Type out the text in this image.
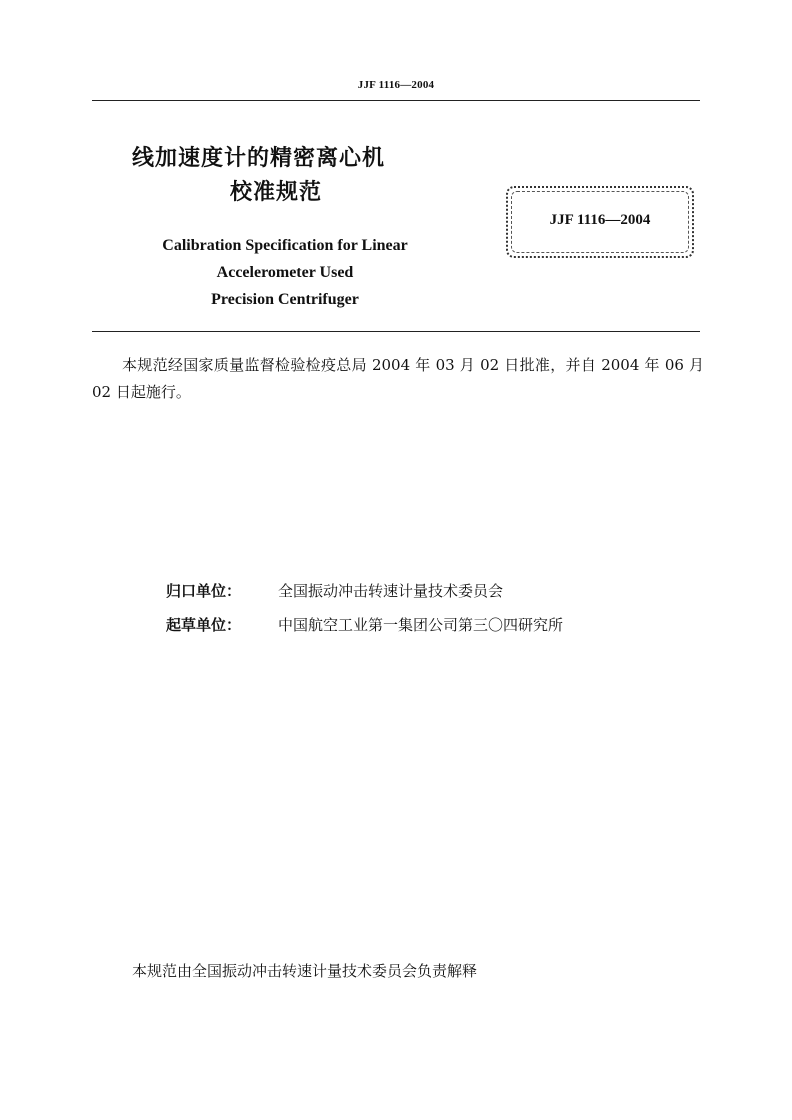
JJF 1116—2004
线加速度计的精密离心机
校准规范
Calibration Specification for Linear
Accelerometer Used
Precision Centrifuger
JJF 1116—2004
本规范经国家质量监督检验检疫总局 2004 年 03 月 02 日批准，并自 2004 年 06 月 02 日起施行。
归口单位：	全国振动冲击转速计量技术委员会
起草单位：	中国航空工业第一集团公司第三〇四研究所
本规范由全国振动冲击转速计量技术委员会负责解释
